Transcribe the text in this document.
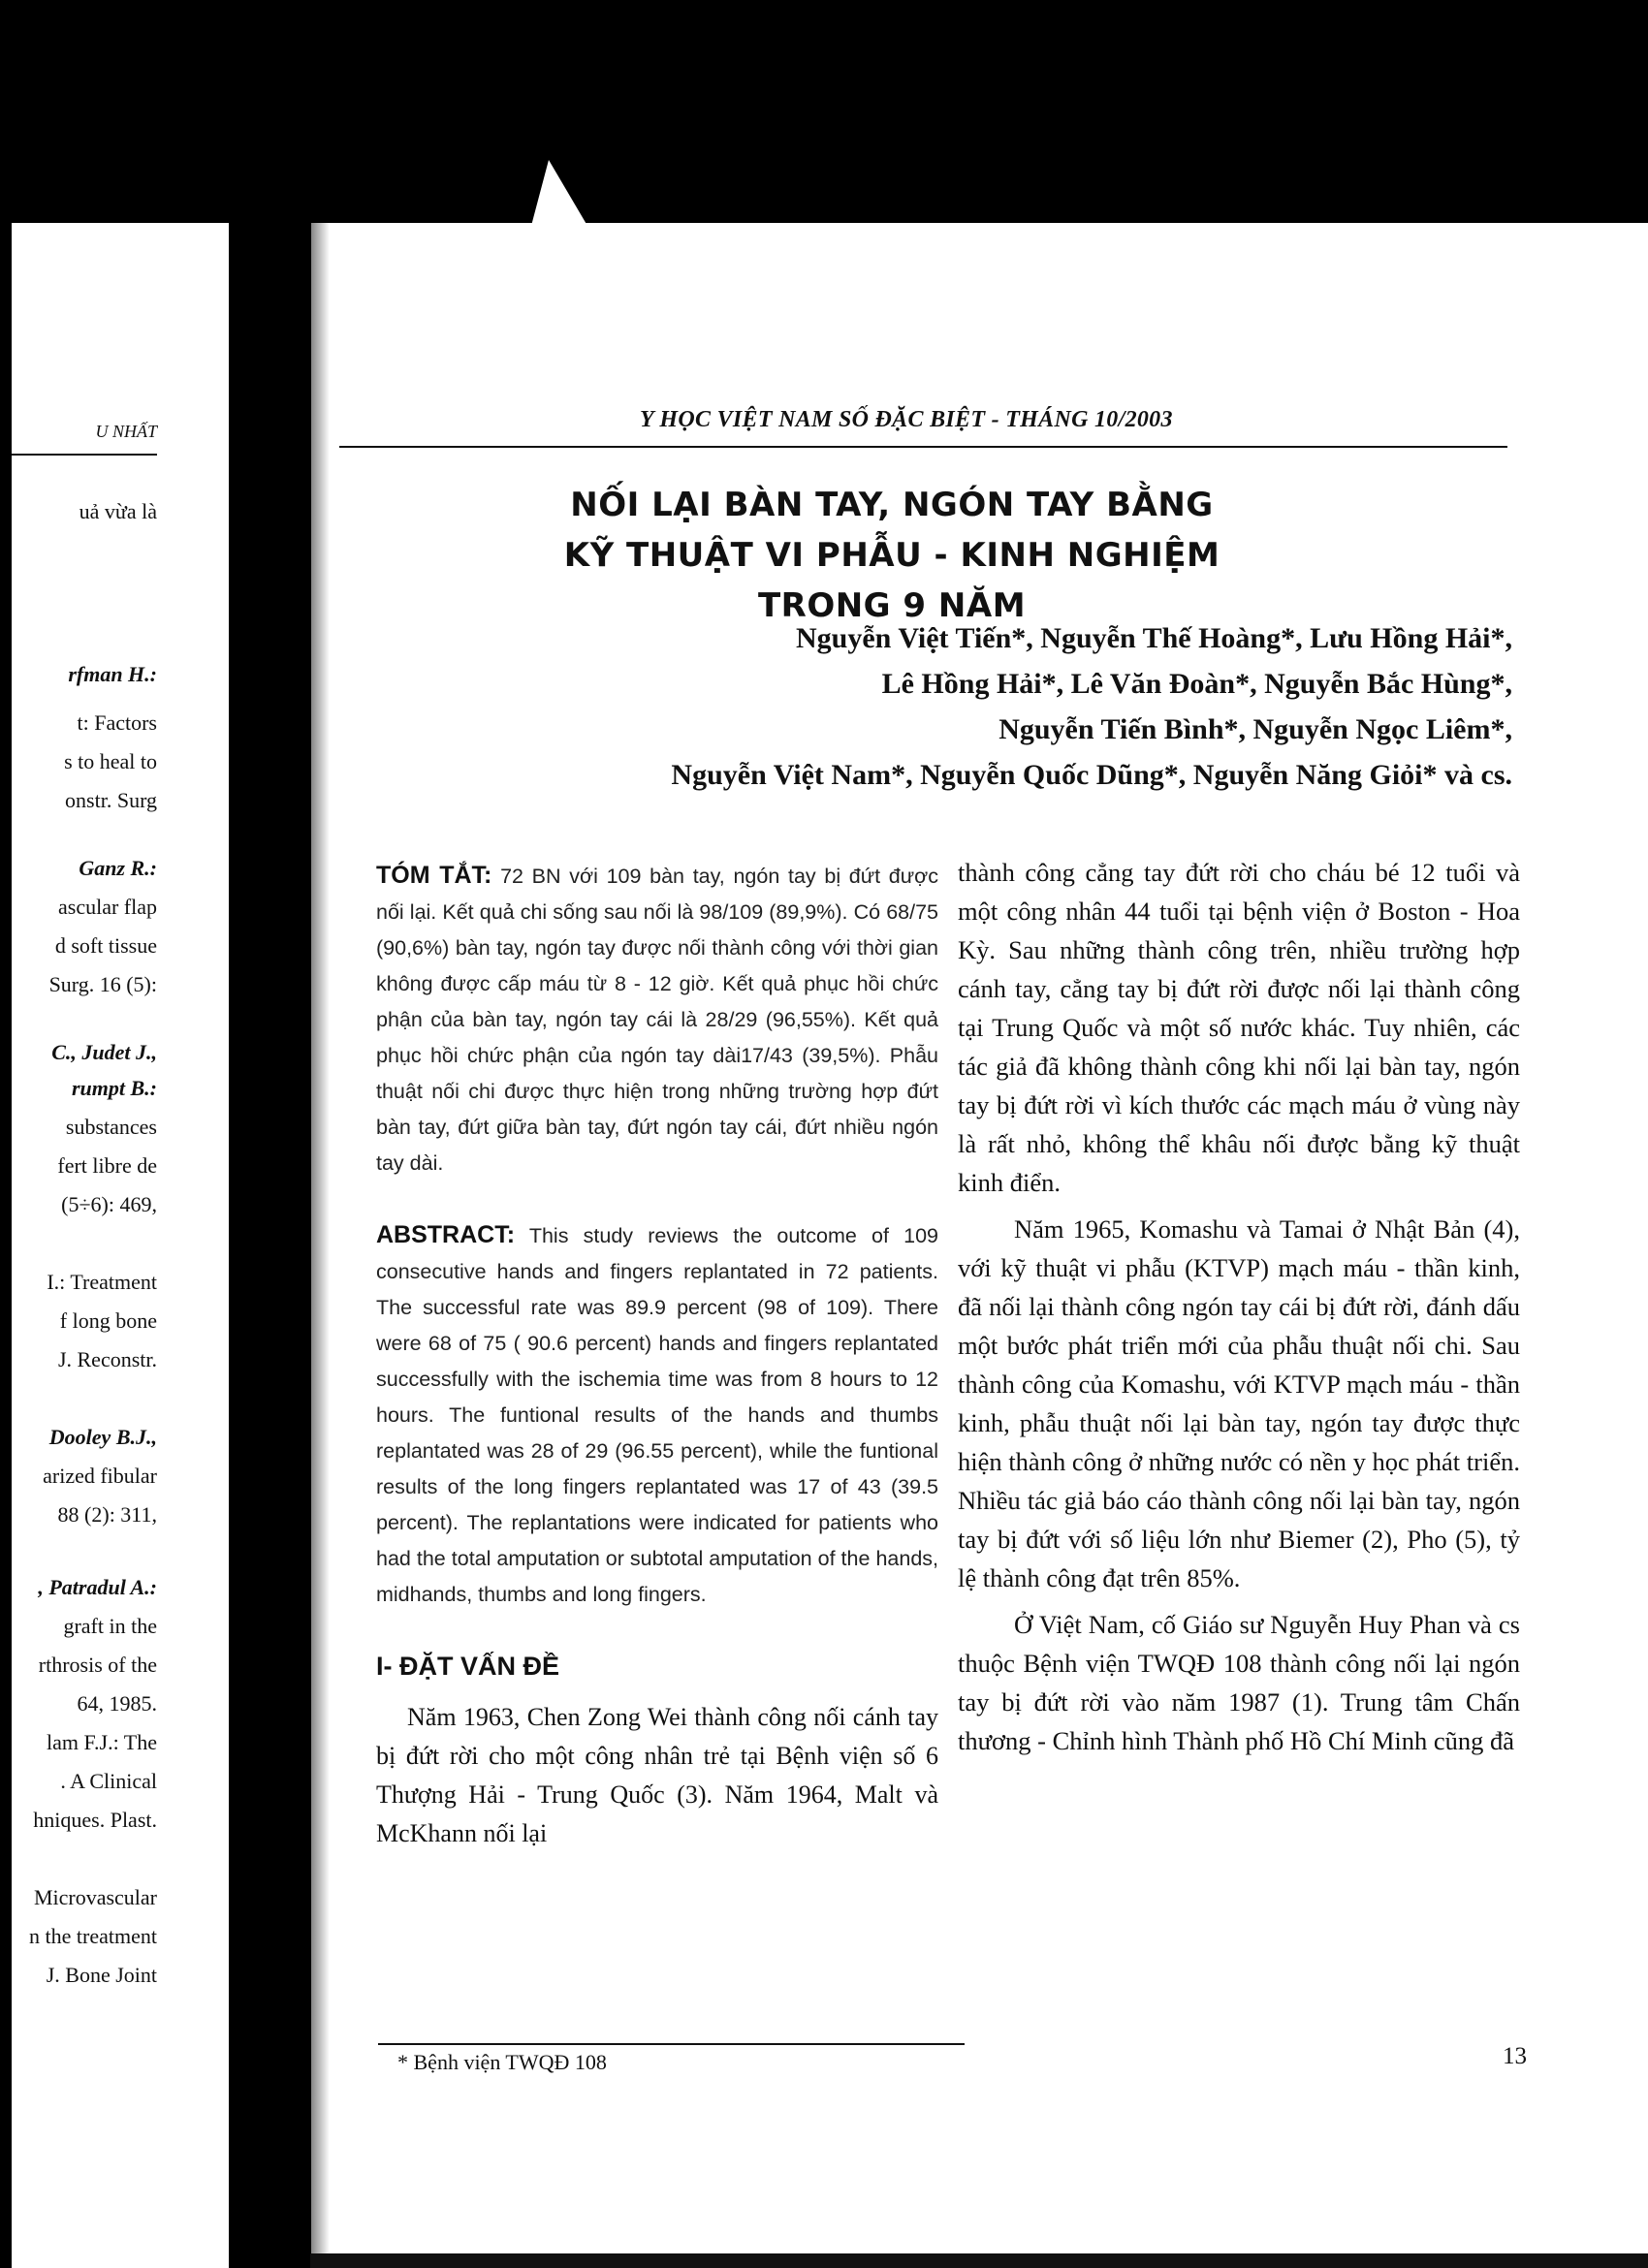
U NHẤT
uả vừa là
rfman H.:
t: Factors
s to heal to
onstr. Surg
Ganz R.:
ascular flap
d soft tissue
Surg. 16 (5):
C., Judet J.,
rumpt B.:
substances
fert libre de
(5÷6): 469,
I.: Treatment
f long bone
J. Reconstr.
Dooley B.J.,
arized fibular
88 (2): 311,
, Patradul A.:
graft in the
rthrosis of the
64, 1985.
lam F.J.: The
. A Clinical
hniques. Plast.
Microvascular
n the treatment
J. Bone Joint
Y HỌC VIỆT NAM SỐ ĐẶC BIỆT - THÁNG 10/2003
NỐI LẠI BÀN TAY, NGÓN TAY BẰNG
KỸ THUẬT VI PHẪU - KINH NGHIỆM TRONG 9 NĂM
Nguyễn Việt Tiến*, Nguyễn Thế Hoàng*, Lưu Hồng Hải*,
Lê Hồng Hải*, Lê Văn Đoàn*, Nguyễn Bắc Hùng*,
Nguyễn Tiến Bình*, Nguyễn Ngọc Liêm*,
Nguyễn Việt Nam*, Nguyễn Quốc Dũng*, Nguyễn Năng Giỏi* và cs.

TÓM TẮT: 72 BN với 109 bàn tay, ngón tay bị đứt được nối lại. Kết quả chi sống sau nối là 98/109 (89,9%). Có 68/75 (90,6%) bàn tay, ngón tay được nối thành công với thời gian không được cấp máu từ 8 - 12 giờ. Kết quả phục hồi chức phận của bàn tay, ngón tay cái là 28/29 (96,55%). Kết quả phục hồi chức phận của ngón tay dài17/43 (39,5%). Phẫu thuật nối chi được thực hiện trong những trường hợp đứt bàn tay, đứt giữa bàn tay, đứt ngón tay cái, đứt nhiều ngón tay dài.

ABSTRACT: This study reviews the outcome of 109 consecutive hands and fingers replantated in 72 patients. The successful rate was 89.9 percent (98 of 109). There were 68 of 75 ( 90.6 percent) hands and fingers replantated successfully with the ischemia time was from 8 hours to 12 hours. The funtional results of the hands and thumbs replantated was 28 of 29 (96.55 percent), while the funtional results of the long fingers replantated was 17 of 43 (39.5 percent). The replantations were indicated for patients who had the total amputation or subtotal amputation of the hands, midhands, thumbs and long fingers.

I- ĐẶT VẤN ĐỀ

Năm 1963, Chen Zong Wei thành công nối cánh tay bị đứt rời cho một công nhân trẻ tại Bệnh viện số 6 Thượng Hải - Trung Quốc (3). Năm 1964, Malt và McKhann nối lại

thành công cẳng tay đứt rời cho cháu bé 12 tuổi và một công nhân 44 tuổi tại bệnh viện ở Boston - Hoa Kỳ. Sau những thành công trên, nhiều trường hợp cánh tay, cẳng tay bị đứt rời được nối lại thành công tại Trung Quốc và một số nước khác. Tuy nhiên, các tác giả đã không thành công khi nối lại bàn tay, ngón tay bị đứt rời vì kích thước các mạch máu ở vùng này là rất nhỏ, không thể khâu nối được bằng kỹ thuật kinh điển.

Năm 1965, Komashu và Tamai ở Nhật Bản (4), với kỹ thuật vi phẫu (KTVP) mạch máu - thần kinh, đã nối lại thành công ngón tay cái bị đứt rời, đánh dấu một bước phát triển mới của phẫu thuật nối chi. Sau thành công của Komashu, với KTVP mạch máu - thần kinh, phẫu thuật nối lại bàn tay, ngón tay được thực hiện thành công ở những nước có nền y học phát triển. Nhiều tác giả báo cáo thành công nối lại bàn tay, ngón tay bị đứt với số liệu lớn như Biemer (2), Pho (5), tỷ lệ thành công đạt trên 85%.

Ở Việt Nam, cố Giáo sư Nguyễn Huy Phan và cs thuộc Bệnh viện TWQĐ 108 thành công nối lại ngón tay bị đứt rời vào năm 1987 (1). Trung tâm Chấn thương - Chỉnh hình Thành phố Hồ Chí Minh cũng đã

* Bệnh viện TWQĐ 108	13
